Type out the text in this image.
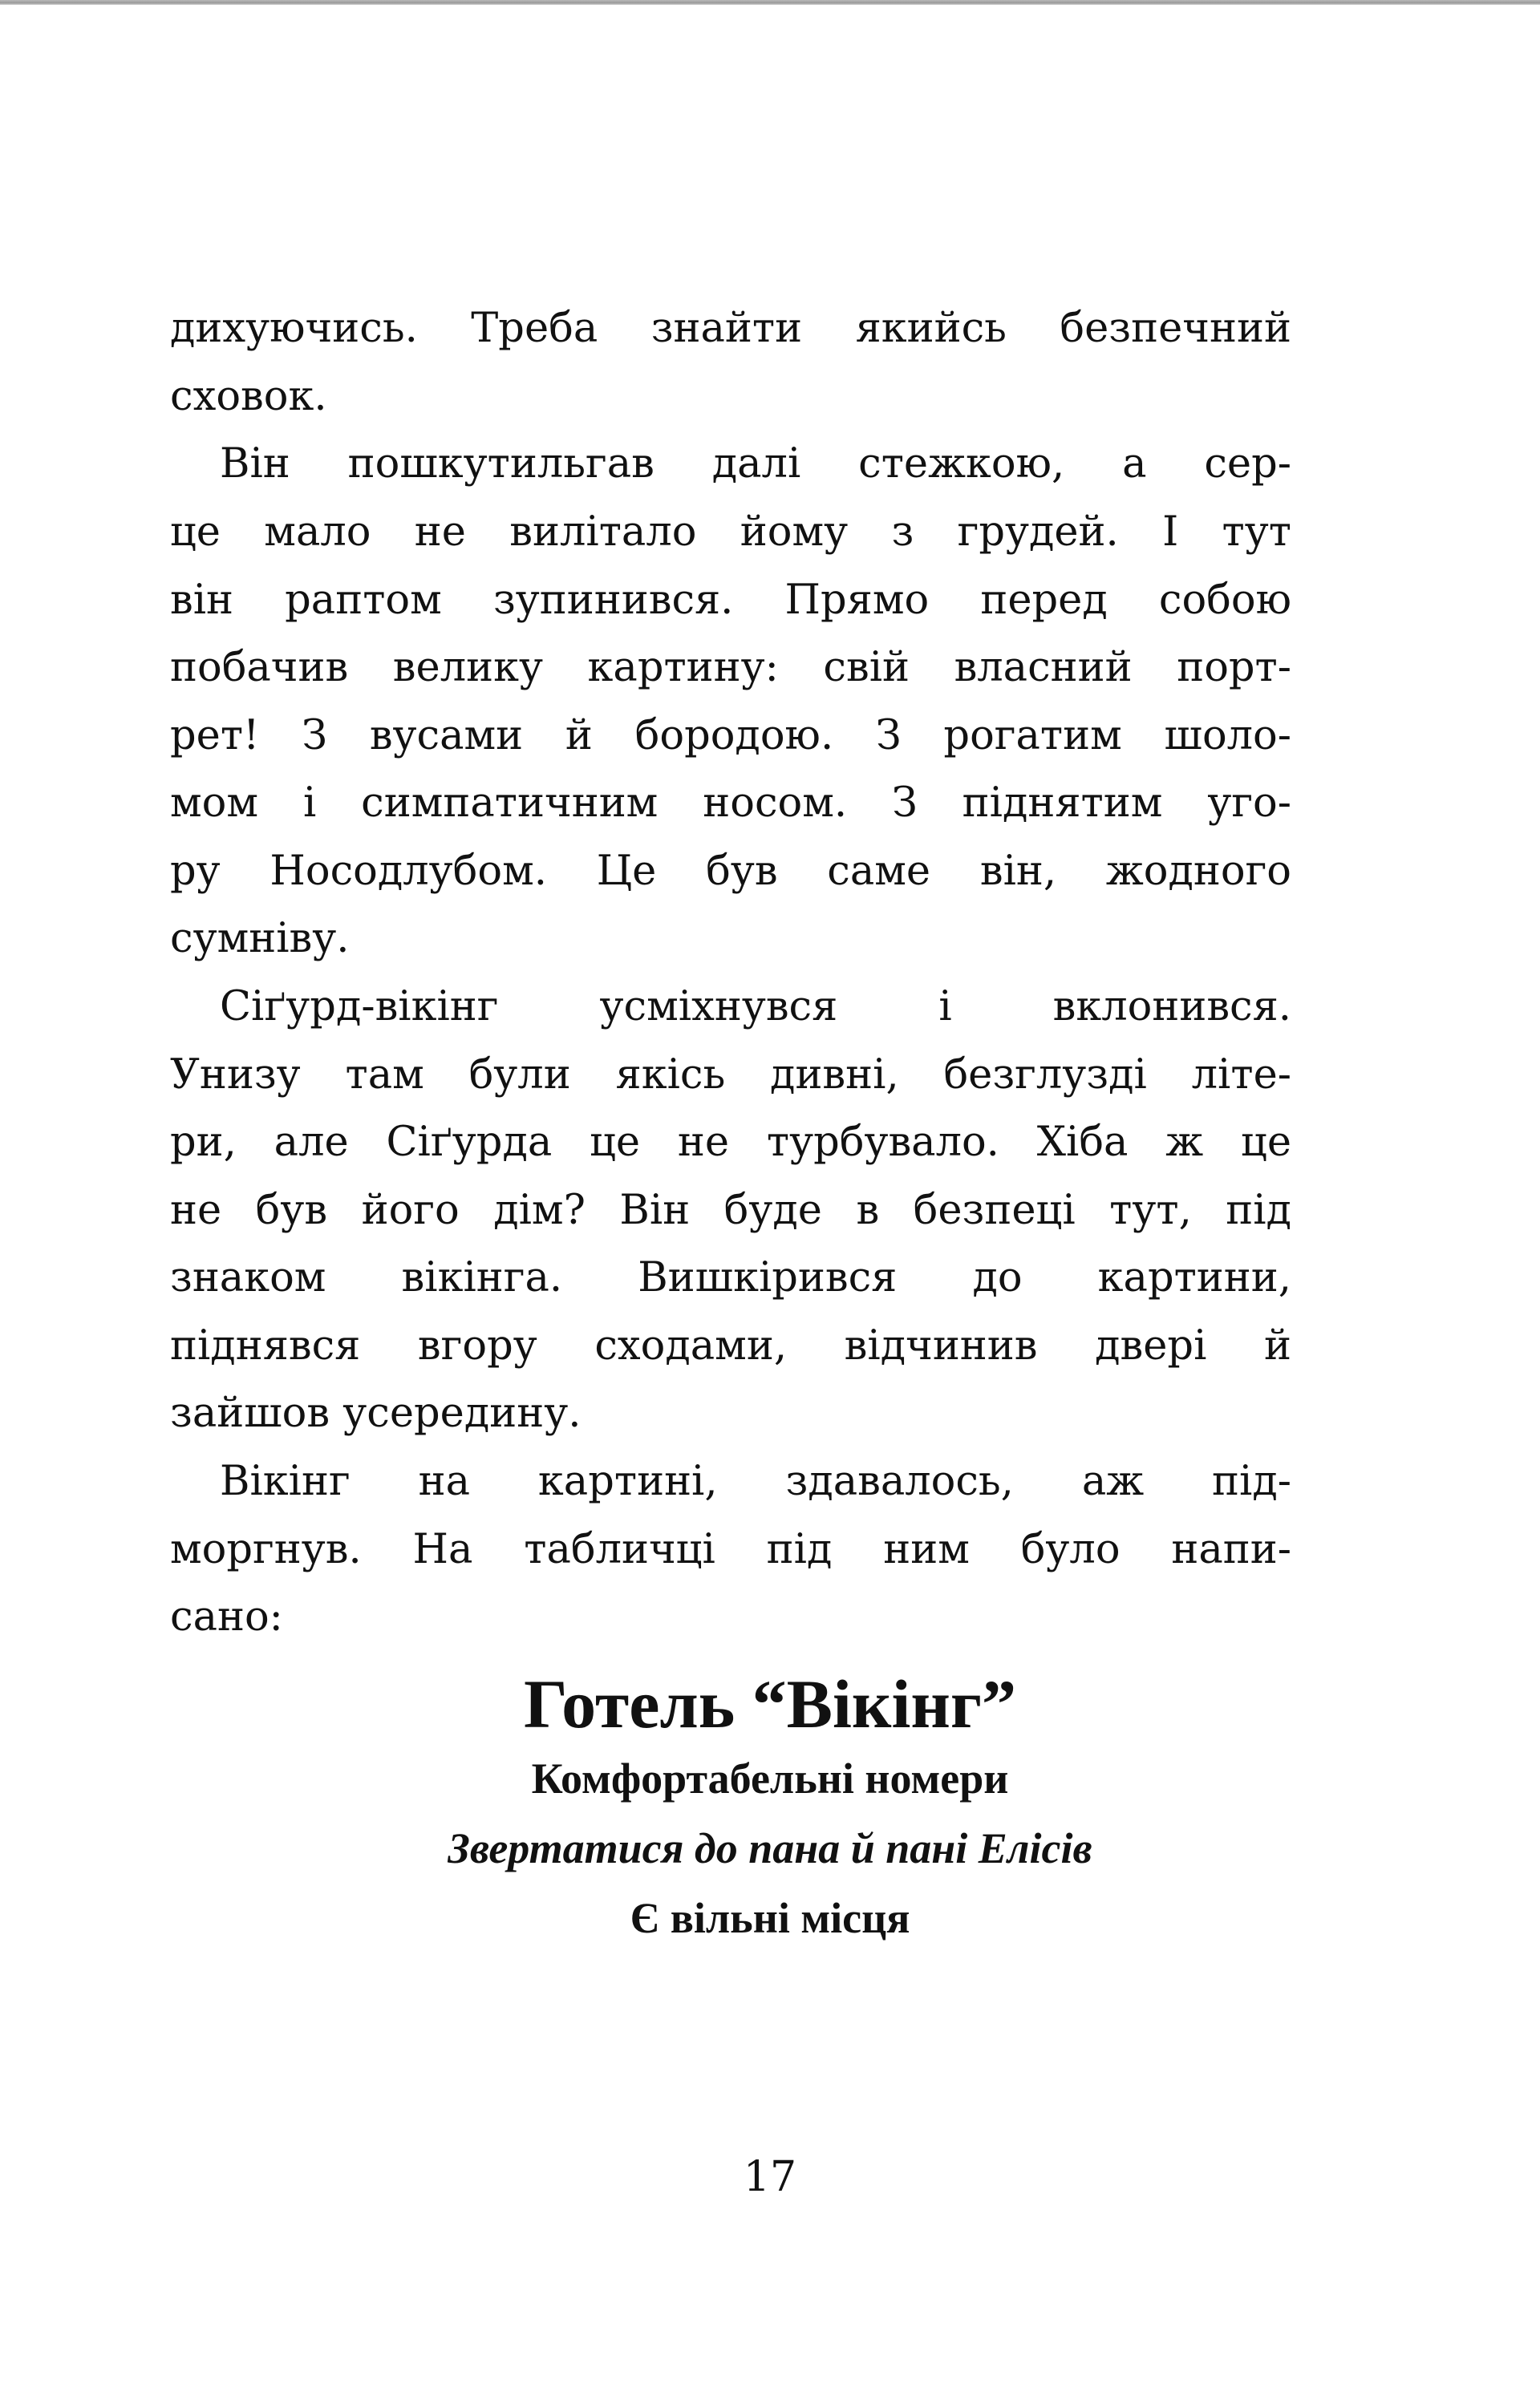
дихуючись. Треба знайти якийсь безпечний
сховок.
Він пошкутильгав далі стежкою, а сер-
це мало не вилітало йому з грудей. І тут
він раптом зупинився. Прямо перед собою
побачив велику картину: свій власний порт-
рет! З вусами й бородою. З рогатим шоло-
мом і симпатичним носом. З піднятим уго-
ру Носодлубом. Це був саме він, жодного
сумніву.
Сіґурд-вікінг усміхнувся і вклонився.
Унизу там були якісь дивні, безглузді літе-
ри, але Сіґурда це не турбувало. Хіба ж це
не був його дім? Він буде в безпеці тут, під
знаком вікінга. Вишкірився до картини,
піднявся вгору сходами, відчинив двері й
зайшов усередину.
Вікінг на картині, здавалось, аж під-
моргнув. На табличці під ним було напи-
сано:
Готель “Вікінг”
Комфортабельні номери
Звертатися до пана й пані Елісів
Є вільні місця
17
